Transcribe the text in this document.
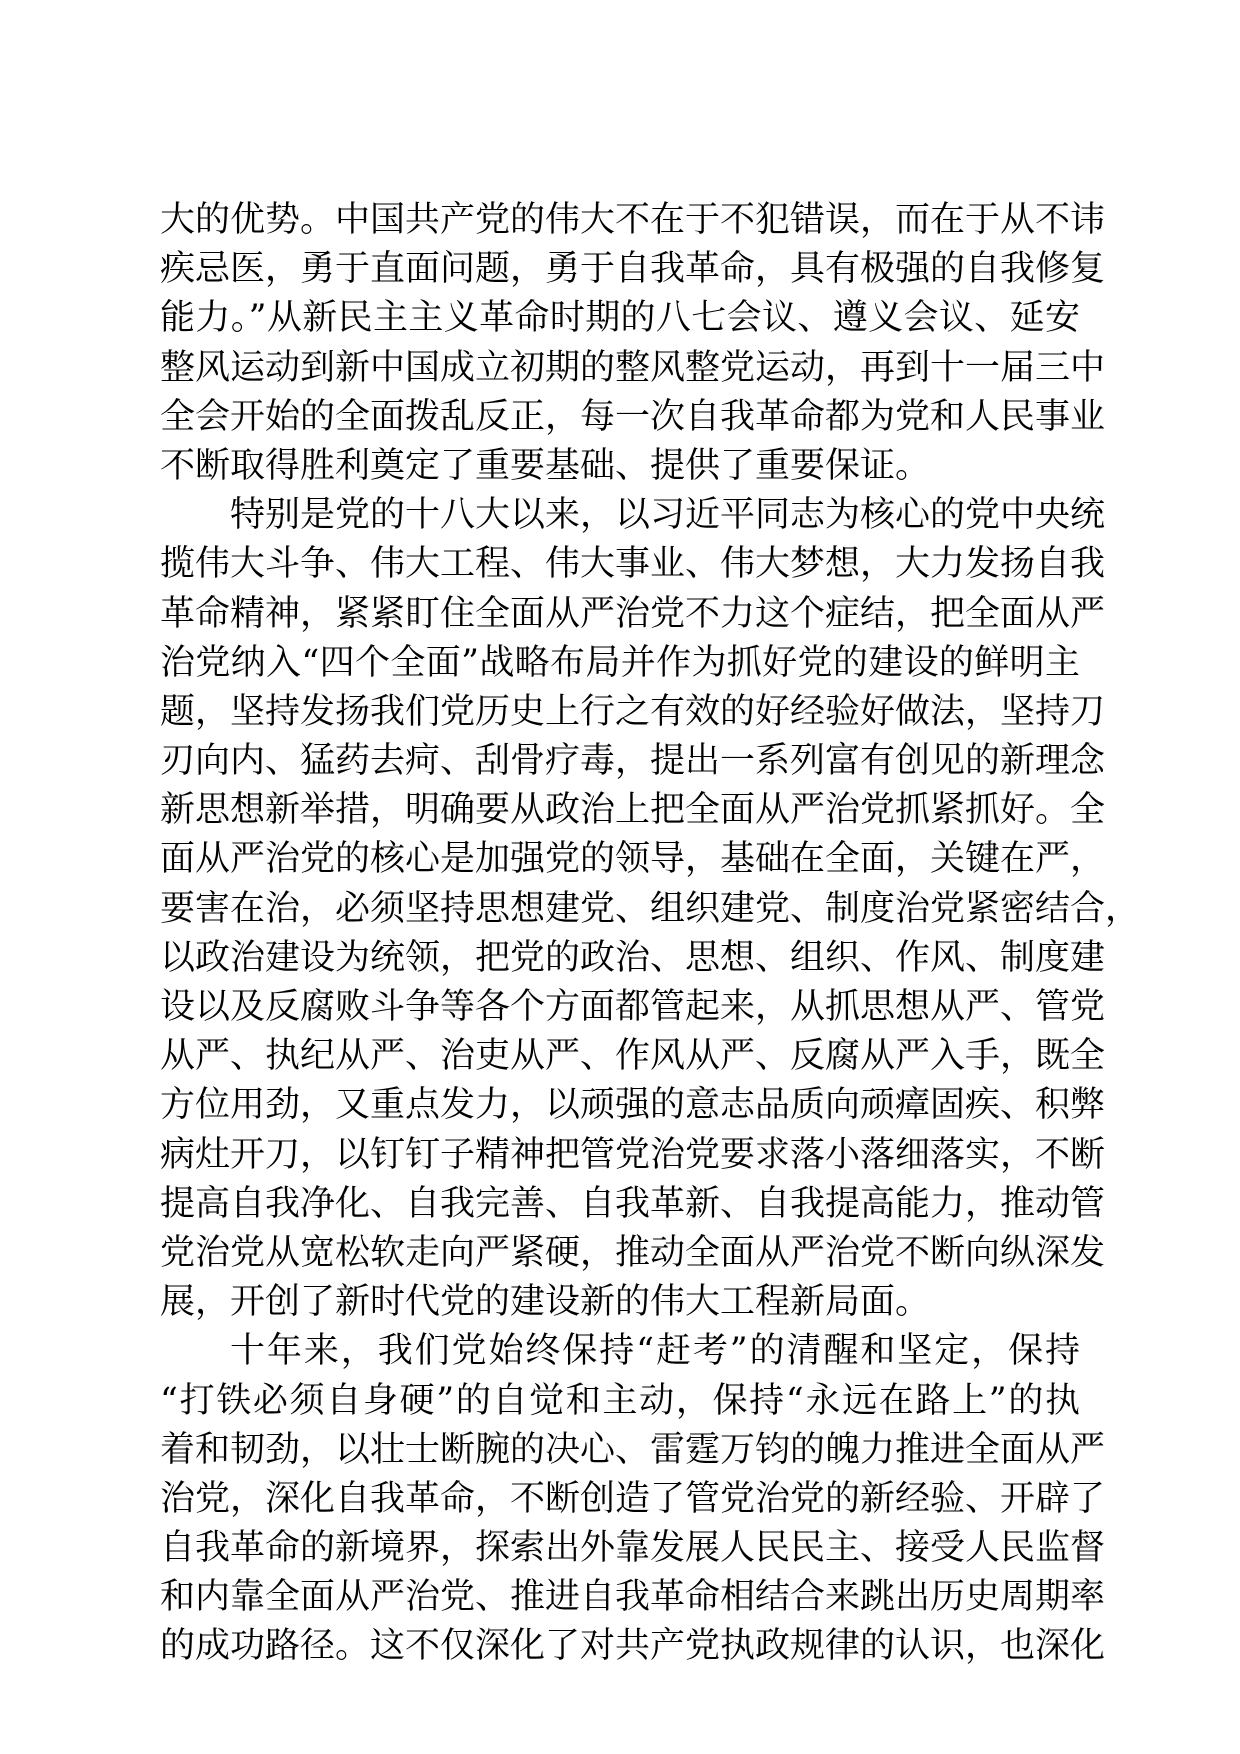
大的优势。中国共产党的伟大不在于不犯错误，而在于从不讳
疾忌医，勇于直面问题，勇于自我革命，具有极强的自我修复
能力。”从新民主主义革命时期的八七会议、遵义会议、延安
整风运动到新中国成立初期的整风整党运动，再到十一届三中
全会开始的全面拨乱反正，每一次自我革命都为党和人民事业
不断取得胜利奠定了重要基础、提供了重要保证。
特别是党的十八大以来，以习近平同志为核心的党中央统
揽伟大斗争、伟大工程、伟大事业、伟大梦想，大力发扬自我
革命精神，紧紧盯住全面从严治党不力这个症结，把全面从严
治党纳入“四个全面”战略布局并作为抓好党的建设的鲜明主
题，坚持发扬我们党历史上行之有效的好经验好做法，坚持刀
刃向内、猛药去疴、刮骨疗毒，提出一系列富有创见的新理念
新思想新举措，明确要从政治上把全面从严治党抓紧抓好。全
面从严治党的核心是加强党的领导，基础在全面，关键在严，
要害在治，必须坚持思想建党、组织建党、制度治党紧密结合，
以政治建设为统领，把党的政治、思想、组织、作风、制度建
设以及反腐败斗争等各个方面都管起来，从抓思想从严、管党
从严、执纪从严、治吏从严、作风从严、反腐从严入手，既全
方位用劲，又重点发力，以顽强的意志品质向顽瘴固疾、积弊
病灶开刀，以钉钉子精神把管党治党要求落小落细落实，不断
提高自我净化、自我完善、自我革新、自我提高能力，推动管
党治党从宽松软走向严紧硬，推动全面从严治党不断向纵深发
展，开创了新时代党的建设新的伟大工程新局面。
十年来，我们党始终保持“赶考”的清醒和坚定，保持
“打铁必须自身硬”的自觉和主动，保持“永远在路上”的执
着和韧劲，以壮士断腕的决心、雷霆万钧的魄力推进全面从严
治党，深化自我革命，不断创造了管党治党的新经验、开辟了
自我革命的新境界，探索出外靠发展人民民主、接受人民监督
和内靠全面从严治党、推进自我革命相结合来跳出历史周期率
的成功路径。这不仅深化了对共产党执政规律的认识，也深化
